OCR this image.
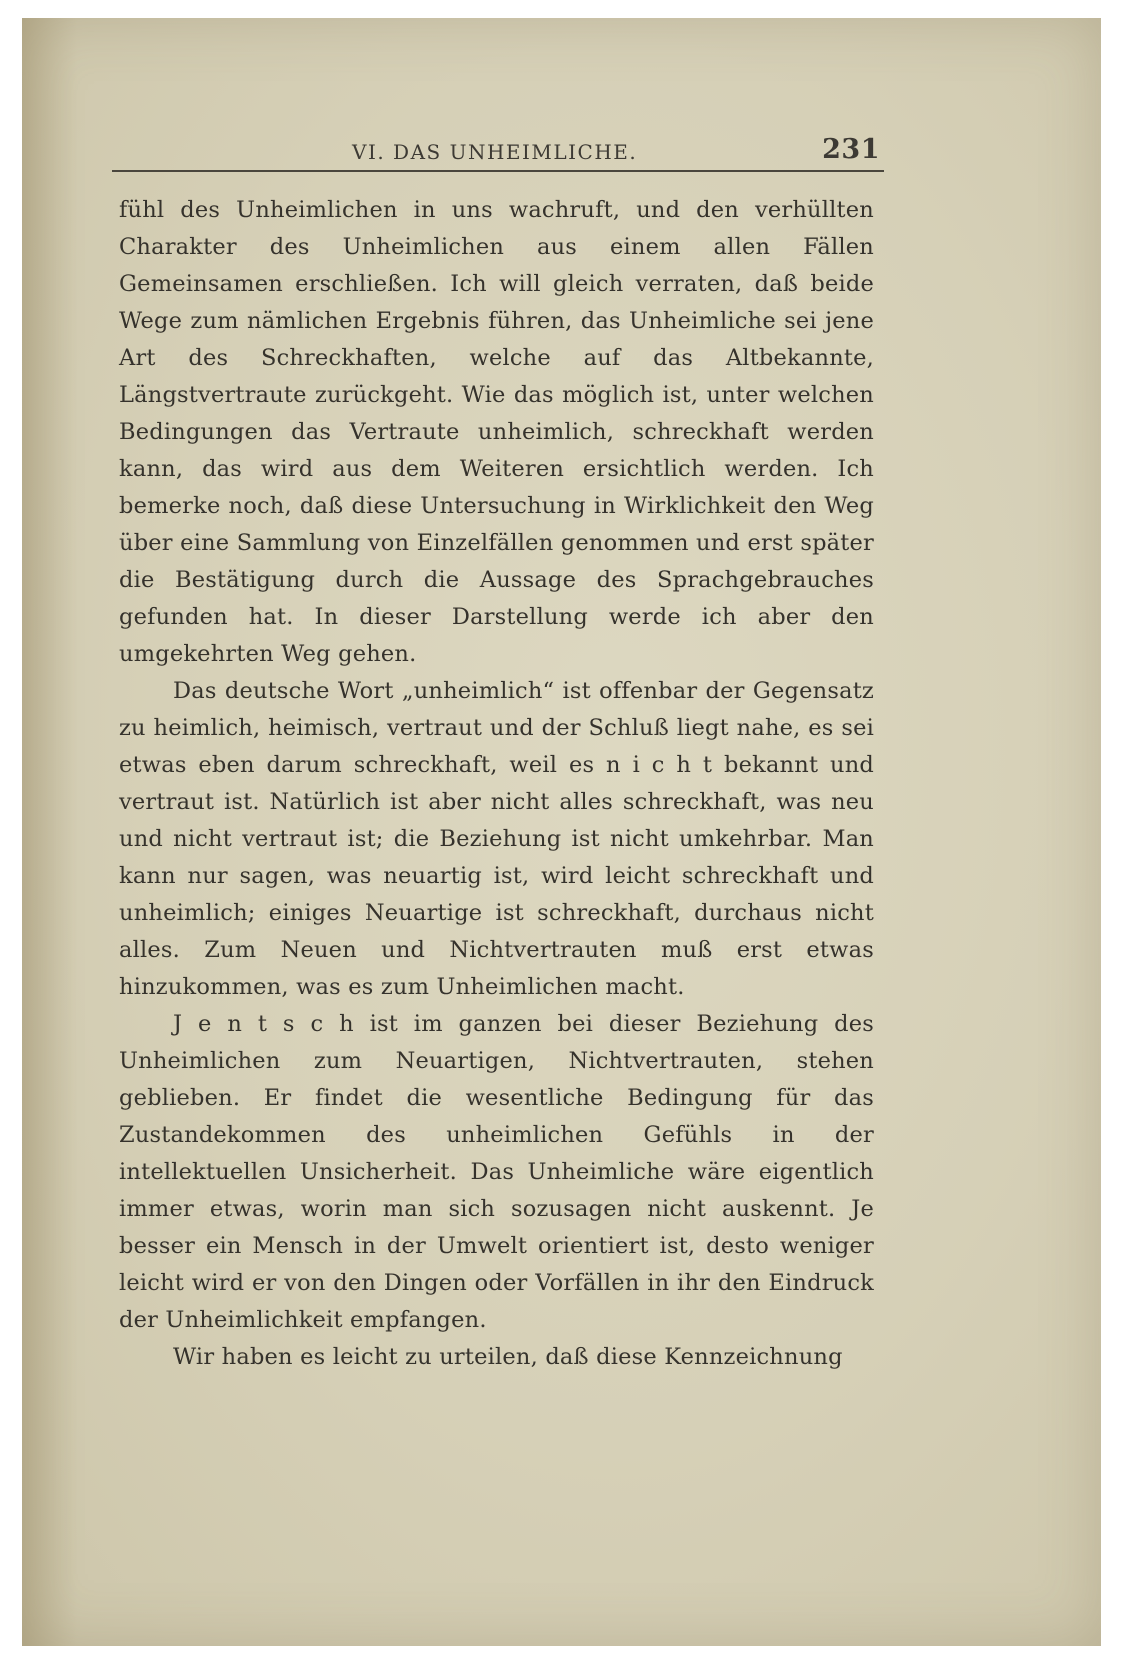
VI. DAS UNHEIMLICHE.	231

fühl des Unheimlichen in uns wachruft, und den verhüllten Charakter des Unheimlichen aus einem allen Fällen Gemeinsamen erschließen. Ich will gleich verraten, daß beide Wege zum nämlichen Ergebnis führen, das Unheimliche sei jene Art des Schreckhaften, welche auf das Altbekannte, Längstvertraute zurückgeht. Wie das möglich ist, unter welchen Bedingungen das Vertraute unheimlich, schreckhaft werden kann, das wird aus dem Weiteren ersichtlich werden. Ich bemerke noch, daß diese Untersuchung in Wirklichkeit den Weg über eine Sammlung von Einzelfällen genommen und erst später die Bestätigung durch die Aussage des Sprachgebrauches gefunden hat. In dieser Darstellung werde ich aber den umgekehrten Weg gehen.

Das deutsche Wort „unheimlich“ ist offenbar der Gegensatz zu heimlich, heimisch, vertraut und der Schluß liegt nahe, es sei etwas eben darum schreckhaft, weil es n i c h t bekannt und vertraut ist. Natürlich ist aber nicht alles schreckhaft, was neu und nicht vertraut ist; die Beziehung ist nicht umkehrbar. Man kann nur sagen, was neuartig ist, wird leicht schreckhaft und unheimlich; einiges Neuartige ist schreckhaft, durchaus nicht alles. Zum Neuen und Nichtvertrauten muß erst etwas hinzukommen, was es zum Unheimlichen macht.

J e n t s c h ist im ganzen bei dieser Beziehung des Unheimlichen zum Neuartigen, Nichtvertrauten, stehen geblieben. Er findet die wesentliche Bedingung für das Zustandekommen des unheimlichen Gefühls in der intellektuellen Unsicherheit. Das Unheimliche wäre eigentlich immer etwas, worin man sich sozusagen nicht auskennt. Je besser ein Mensch in der Umwelt orientiert ist, desto weniger leicht wird er von den Dingen oder Vorfällen in ihr den Eindruck der Unheimlichkeit empfangen.

Wir haben es leicht zu urteilen, daß diese Kennzeichnung
